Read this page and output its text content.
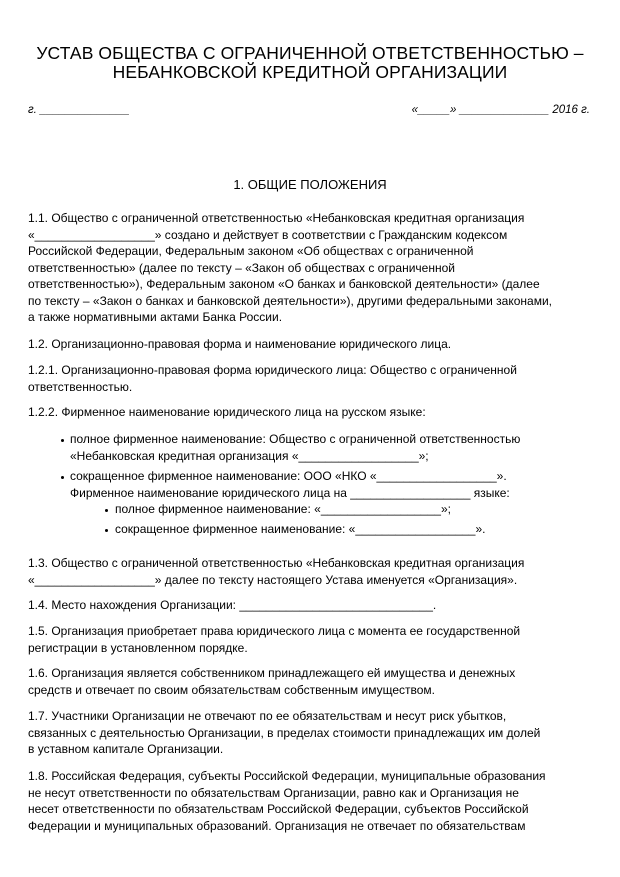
УСТАВ ОБЩЕСТВА С ОГРАНИЧЕННОЙ ОТВЕТСТВЕННОСТЬЮ –
НЕБАНКОВСКОЙ КРЕДИТНОЙ ОРГАНИЗАЦИИ
г. ______________	«_____» ______________ 2016 г.
1. ОБЩИЕ ПОЛОЖЕНИЯ
1.1. Общество с ограниченной ответственностью «Небанковская кредитная организация
«__________________» создано и действует в соответствии с Гражданским кодексом
Российской Федерации, Федеральным законом «Об обществах с ограниченной
ответственностью» (далее по тексту – «Закон об обществах с ограниченной
ответственностью»), Федеральным законом «О банках и банковской деятельности» (далее
по тексту – «Закон о банках и банковской деятельности»), другими федеральными законами,
а также нормативными актами Банка России.
1.2. Организационно-правовая форма и наименование юридического лица.
1.2.1. Организационно-правовая форма юридического лица: Общество с ограниченной
ответственностью.
1.2.2. Фирменное наименование юридического лица на русском языке:
полное фирменное наименование: Общество с ограниченной ответственностью
«Небанковская кредитная организация «__________________»;
сокращенное фирменное наименование: ООО «НКО «__________________».
Фирменное наименование юридического лица на __________________ языке:
полное фирменное наименование: «__________________»;
сокращенное фирменное наименование: «__________________».
1.3. Общество с ограниченной ответственностью «Небанковская кредитная организация
«__________________» далее по тексту настоящего Устава именуется «Организация».
1.4. Место нахождения Организации: _____________________________.
1.5. Организация приобретает права юридического лица с момента ее государственной
регистрации в установленном порядке.
1.6. Организация является собственником принадлежащего ей имущества и денежных
средств и отвечает по своим обязательствам собственным имуществом.
1.7. Участники Организации не отвечают по ее обязательствам и несут риск убытков,
связанных с деятельностью Организации, в пределах стоимости принадлежащих им долей
в уставном капитале Организации.
1.8. Российская Федерация, субъекты Российской Федерации, муниципальные образования
не несут ответственности по обязательствам Организации, равно как и Организация не
несет ответственности по обязательствам Российской Федерации, субъектов Российской
Федерации и муниципальных образований. Организация не отвечает по обязательствам
